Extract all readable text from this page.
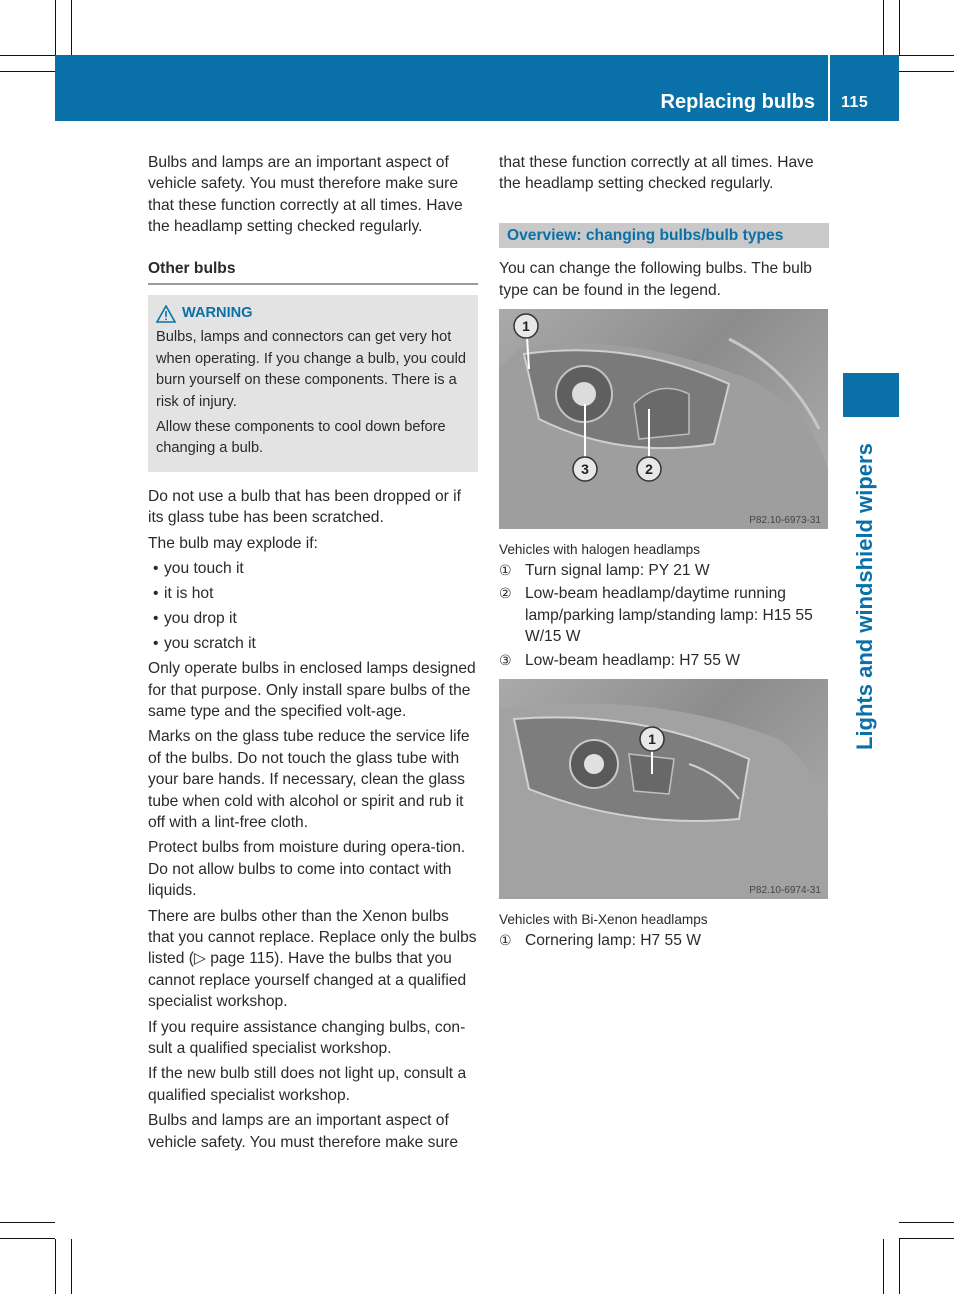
Replacing bulbs 115
Lights and windshield wipers

Bulbs and lamps are an important aspect of vehicle safety. You must therefore make sure that these function correctly at all times. Have the headlamp setting checked regularly.

Other bulbs
WARNING

Bulbs, lamps and connectors can get very hot when operating. If you change a bulb, you could burn yourself on these components. There is a risk of injury.

Allow these components to cool down before changing a bulb.

Do not use a bulb that has been dropped or if its glass tube has been scratched.

The bulb may explode if:

• you touch it
• it is hot
• you drop it
• you scratch it

Only operate bulbs in enclosed lamps designed for that purpose. Only install spare bulbs of the same type and the specified volt-age.

Marks on the glass tube reduce the service life of the bulbs. Do not touch the glass tube with your bare hands. If necessary, clean the glass tube when cold with alcohol or spirit and rub it off with a lint-free cloth.

Protect bulbs from moisture during opera-tion. Do not allow bulbs to come into contact with liquids.

There are bulbs other than the Xenon bulbs that you cannot replace. Replace only the bulbs listed (▷ page 115). Have the bulbs that you cannot replace yourself changed at a qualified specialist workshop.

If you require assistance changing bulbs, con-sult a qualified specialist workshop.

If the new bulb still does not light up, consult a qualified specialist workshop.

Bulbs and lamps are an important aspect of vehicle safety. You must therefore make sure

that these function correctly at all times. Have the headlamp setting checked regularly.

Overview: changing bulbs/bulb types

You can change the following bulbs. The bulb type can be found in the legend.

1
3	2
P82.10-6973-31
Vehicles with halogen headlamps
① Turn signal lamp: PY 21 W
② Low-beam headlamp/daytime running lamp/parking lamp/standing lamp: H15 55 W/15 W
③ Low-beam headlamp: H7 55 W
1
P82.10-6974-31
Vehicles with Bi-Xenon headlamps
① Cornering lamp: H7 55 W
